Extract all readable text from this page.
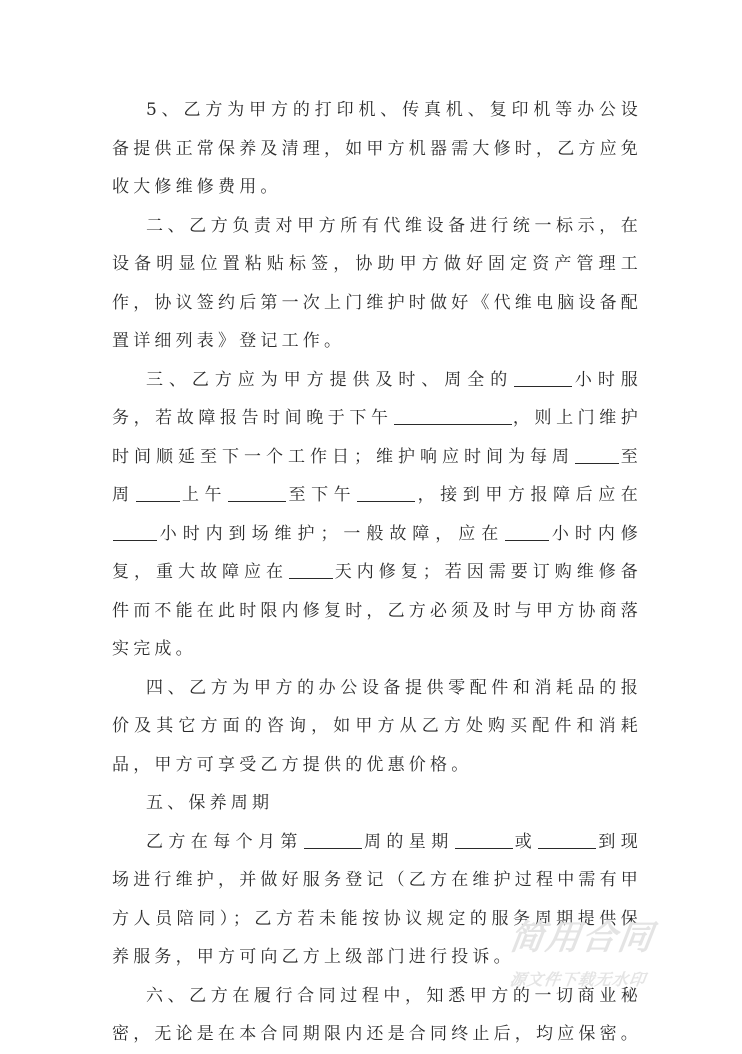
5、乙方为甲方的打印机、传真机、复印机等办公设备提供正常保养及清理，如甲方机器需大修时，乙方应免收大修维修费用。

二、乙方负责对甲方所有代维设备进行统一标示，在设备明显位置粘贴标签，协助甲方做好固定资产管理工作，协议签约后第一次上门维护时做好《代维电脑设备配置详细列表》登记工作。

三、乙方应为甲方提供及时、周全的	小时服务，若故障报告时间晚于下午	，则上门维护时间顺延至下一个工作日；维护响应时间为每周	至周	上午	至下午	，接到甲方报障后应在小时内到场维护；一般故障，应在	小时内修复，重大故障应在	天内修复；若因需要订购维修备件而不能在此时限内修复时，乙方必须及时与甲方协商落实完成。

四、乙方为甲方的办公设备提供零配件和消耗品的报价及其它方面的咨询，如甲方从乙方处购买配件和消耗品，甲方可享受乙方提供的优惠价格。

五、保养周期

乙方在每个月第	周的星期	或	到现场进行维护，并做好服务登记（乙方在维护过程中需有甲方人员陪同）；乙方若未能按协议规定的服务周期提供保养服务，甲方可向乙方上级部门进行投诉。

六、乙方在履行合同过程中，知悉甲方的一切商业秘密，无论是在本合同期限内还是合同终止后，均应保密。

简用合同
源文件下载无水印
